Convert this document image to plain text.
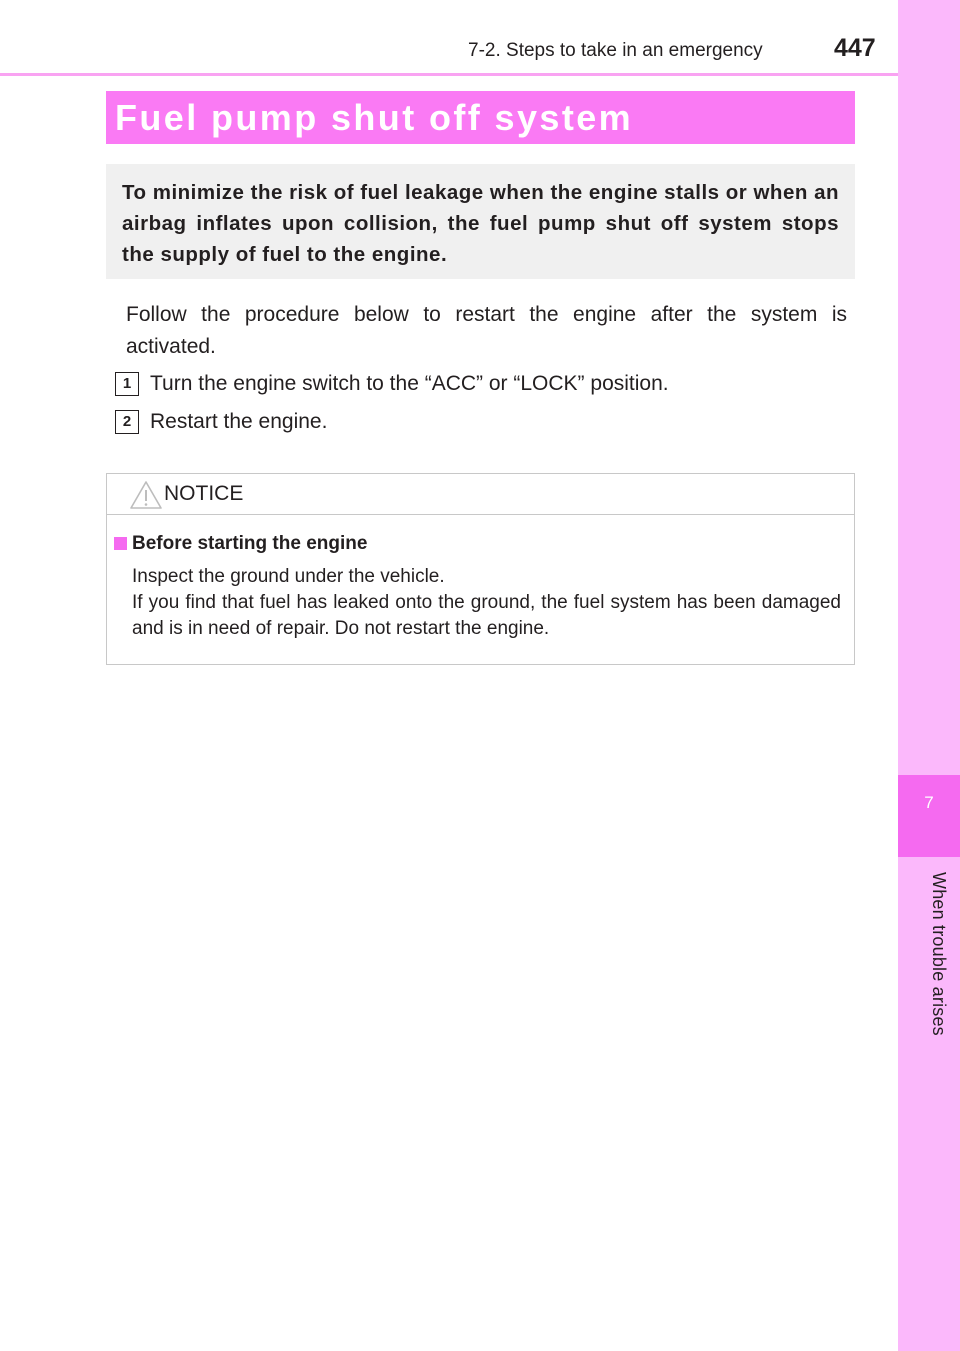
7
When trouble arises
7-2. Steps to take in an emergency	447
Fuel pump shut off system
To minimize the risk of fuel leakage when the engine stalls or when an airbag inflates upon collision, the fuel pump shut off system stops the supply of fuel to the engine.
Follow the procedure below to restart the engine after the system is activated.
1 Turn the engine switch to the “ACC” or “LOCK” position.
2 Restart the engine.
NOTICE
Before starting the engine
Inspect the ground under the vehicle.
If you find that fuel has leaked onto the ground, the fuel system has been damaged and is in need of repair. Do not restart the engine.
